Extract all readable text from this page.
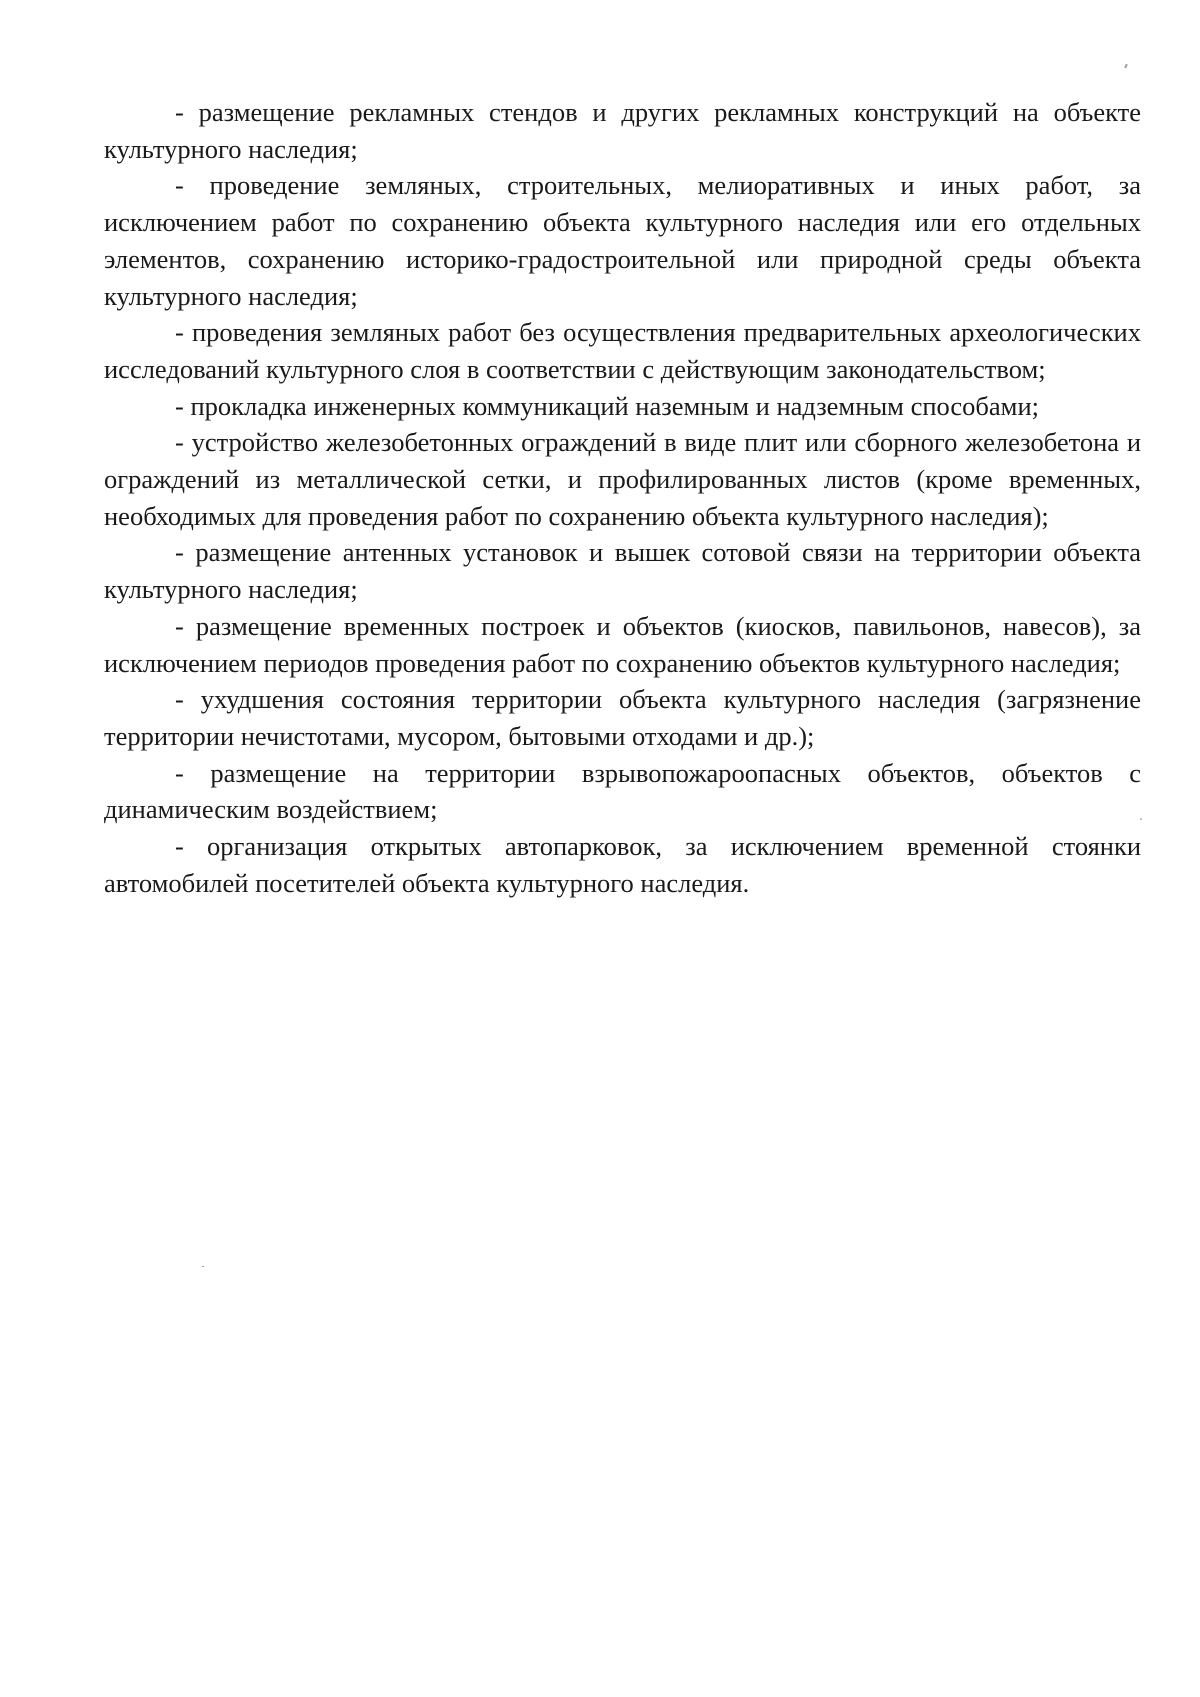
- размещение рекламных стендов и других рекламных конструкций на объекте культурного наследия;

- проведение земляных, строительных, мелиоративных и иных работ, за исключением работ по сохранению объекта культурного наследия или его отдельных элементов, сохранению историко-градостроительной или природной среды объекта культурного наследия;

- проведения земляных работ без осуществления предварительных археологических исследований культурного слоя в соответствии с действующим законодательством;

- прокладка инженерных коммуникаций наземным и надземным способами;

- устройство железобетонных ограждений в виде плит или сборного железобетона и ограждений из металлической сетки, и профилированных листов (кроме временных, необходимых для проведения работ по сохранению объекта культурного наследия);

- размещение антенных установок и вышек сотовой связи на территории объекта культурного наследия;

- размещение временных построек и объектов (киосков, павильонов, навесов), за исключением периодов проведения работ по сохранению объектов культурного наследия;

- ухудшения состояния территории объекта культурного наследия (загрязнение территории нечистотами, мусором, бытовыми отходами и др.);

- размещение на территории взрывопожароопасных объектов, объектов с динамическим воздействием;

- организация открытых автопарковок, за исключением временной стоянки автомобилей посетителей объекта культурного наследия.
